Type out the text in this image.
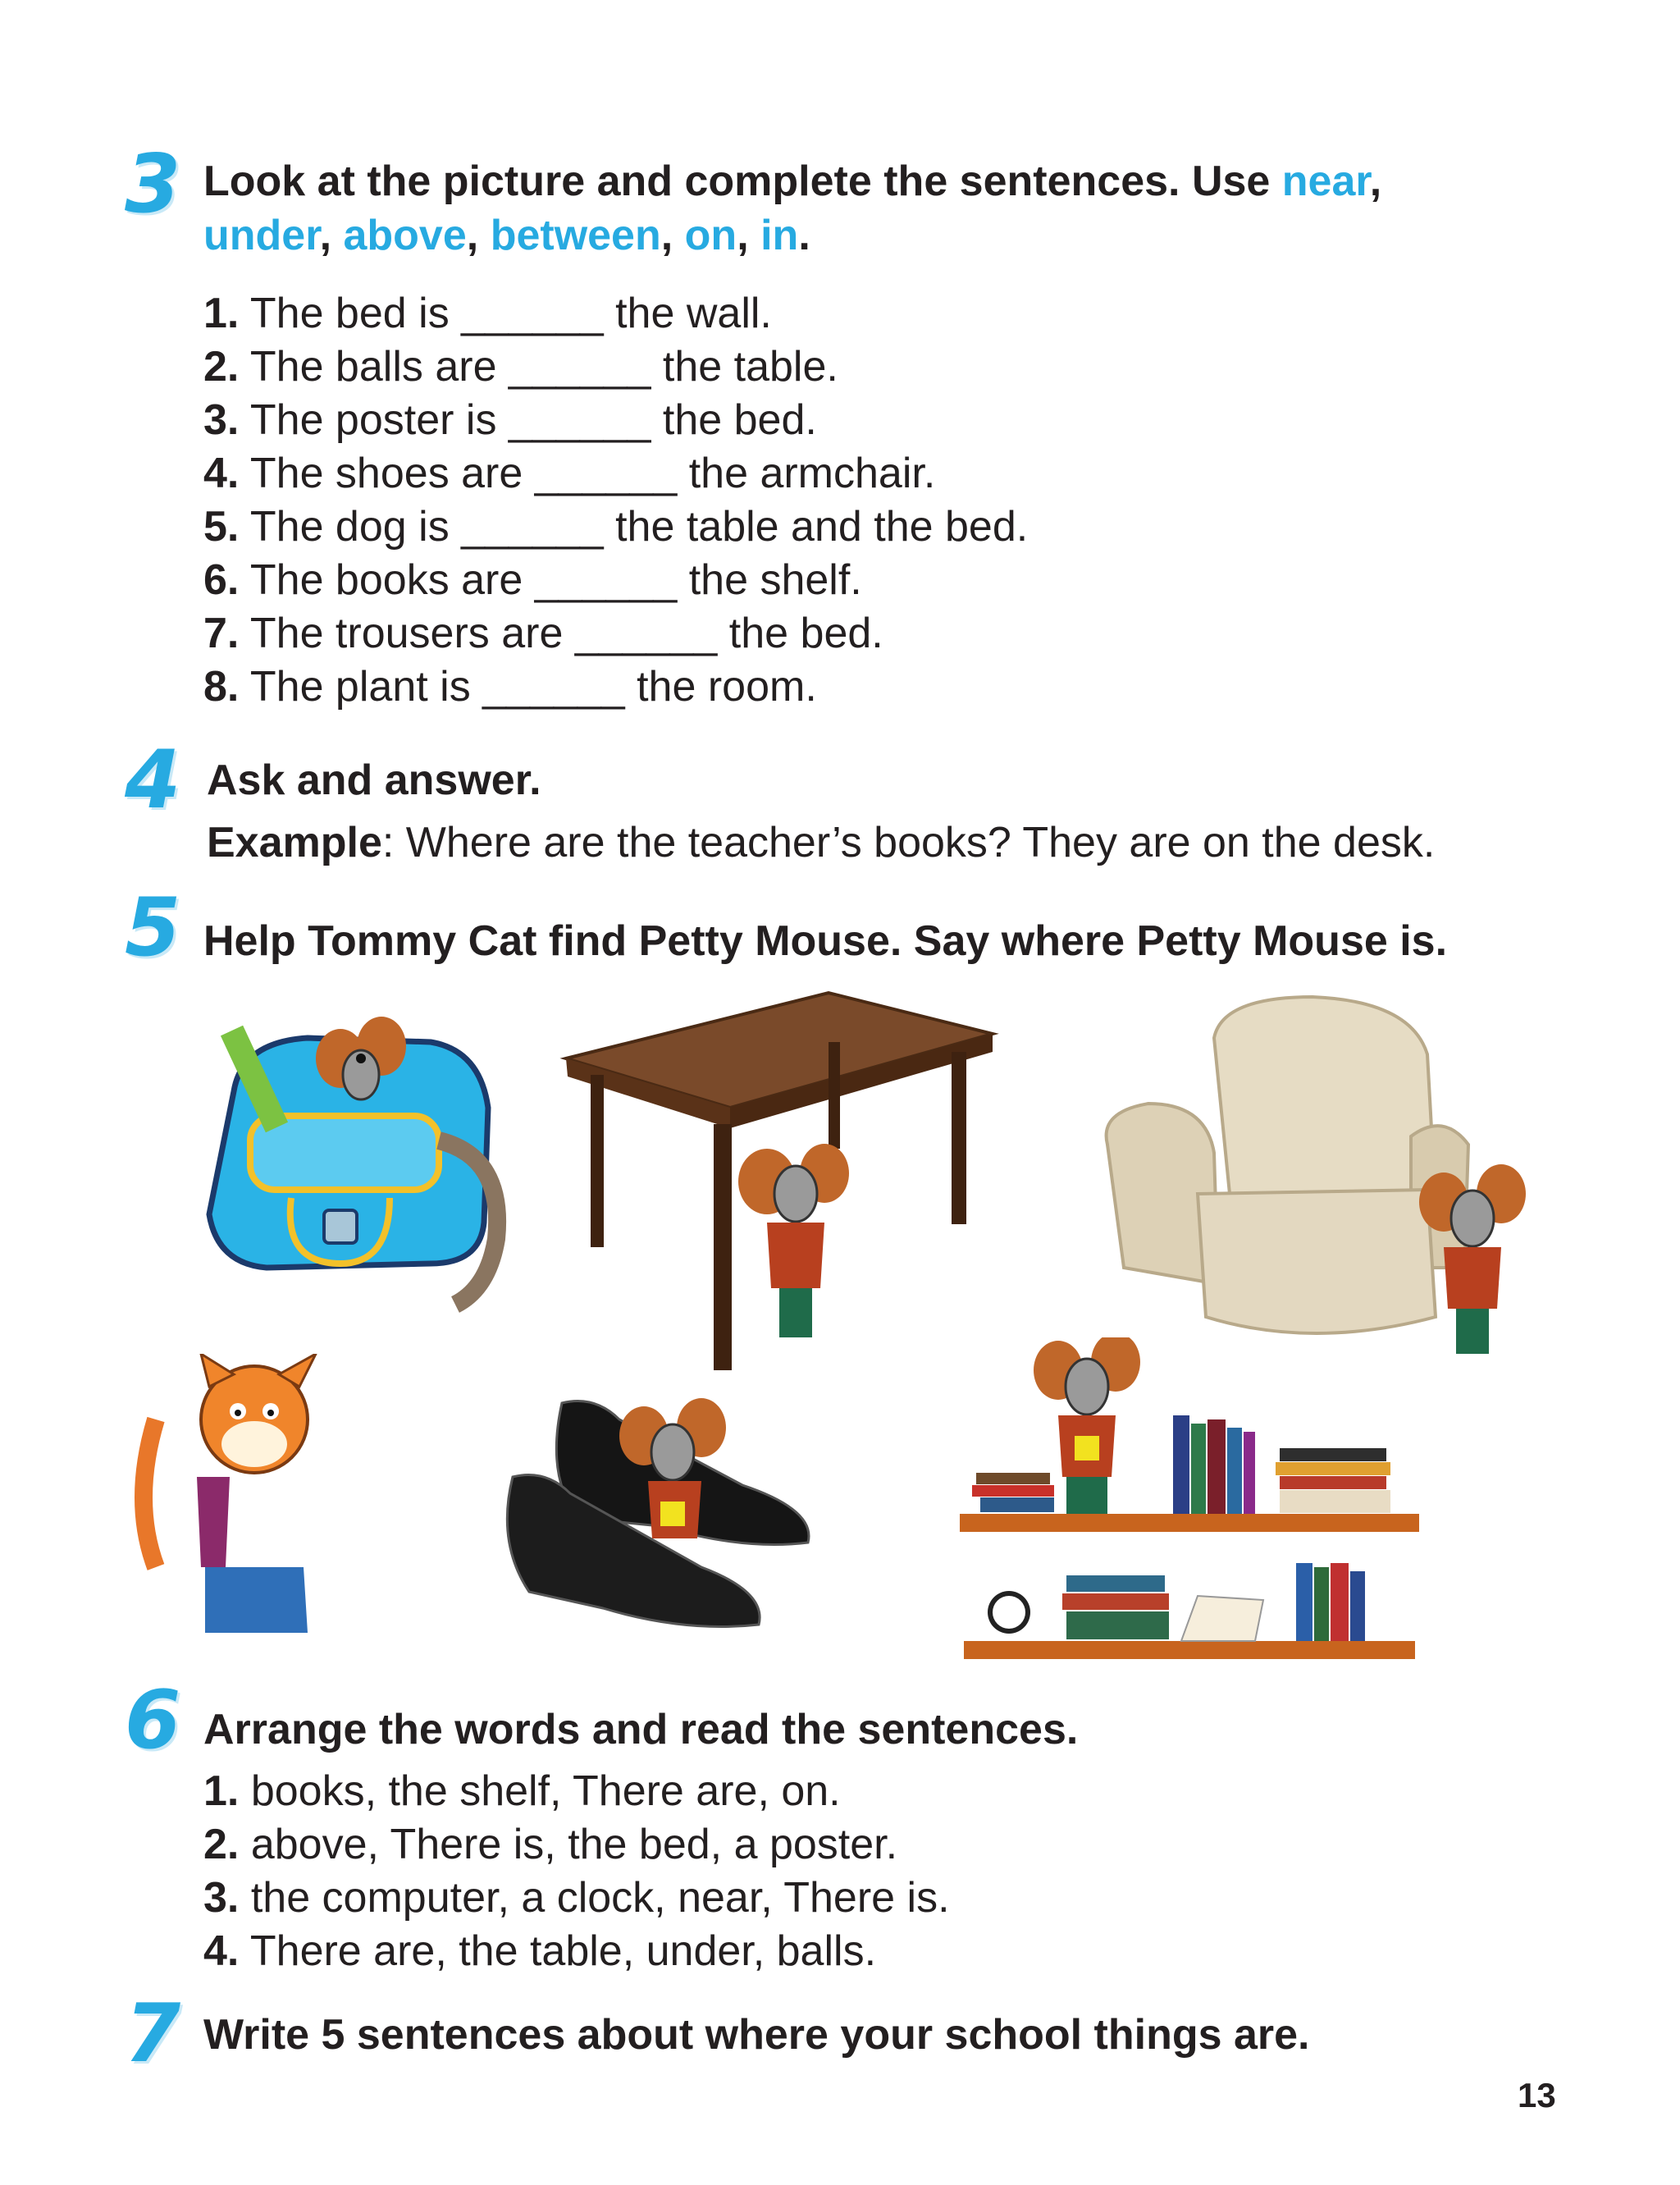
3 Look at the picture and complete the sentences. Use near,
under, above, between, on, in.
1. The bed is ______ the wall.
2. The balls are ______ the table.
3. The poster is ______ the bed.
4. The shoes are ______ the armchair.
5. The dog is ______ the table and the bed.
6. The books are ______ the shelf.
7. The trousers are ______ the bed.
8. The plant is ______ the room.
4 Ask and answer.
Example: Where are the teacher’s books? They are on the desk.
5 Help Tommy Cat find Petty Mouse. Say where Petty Mouse is.
6 Arrange the words and read the sentences.
1. books, the shelf, There are, on.
2. above, There is, the bed, a poster.
3. the computer, a clock, near, There is.
4. There are, the table, under, balls.
7 Write 5 sentences about where your school things are.
13
